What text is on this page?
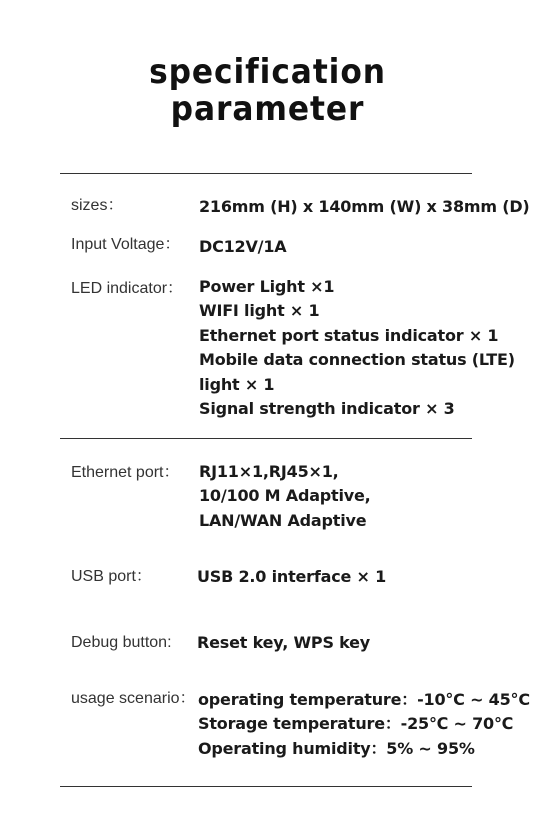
specification
parameter
sizes：	216mm (H) x 140mm (W) x 38mm (D)
Input Voltage： DC12V/1A
LED indicator： Power Light ×1
WIFI light × 1
Ethernet port status indicator × 1
Mobile data connection status (LTE)
light × 1
Signal strength indicator × 3
Ethernet port： RJ11×1,RJ45×1,
10/100 M Adaptive,
LAN/WAN Adaptive
USB port：	USB 2.0 interface × 1
Debug button: Reset key, WPS key
usage scenario： operating temperature：-10°C ~ 45°C
Storage temperature：-25℃ ~ 70℃
Operating humidity：5% ~ 95%
